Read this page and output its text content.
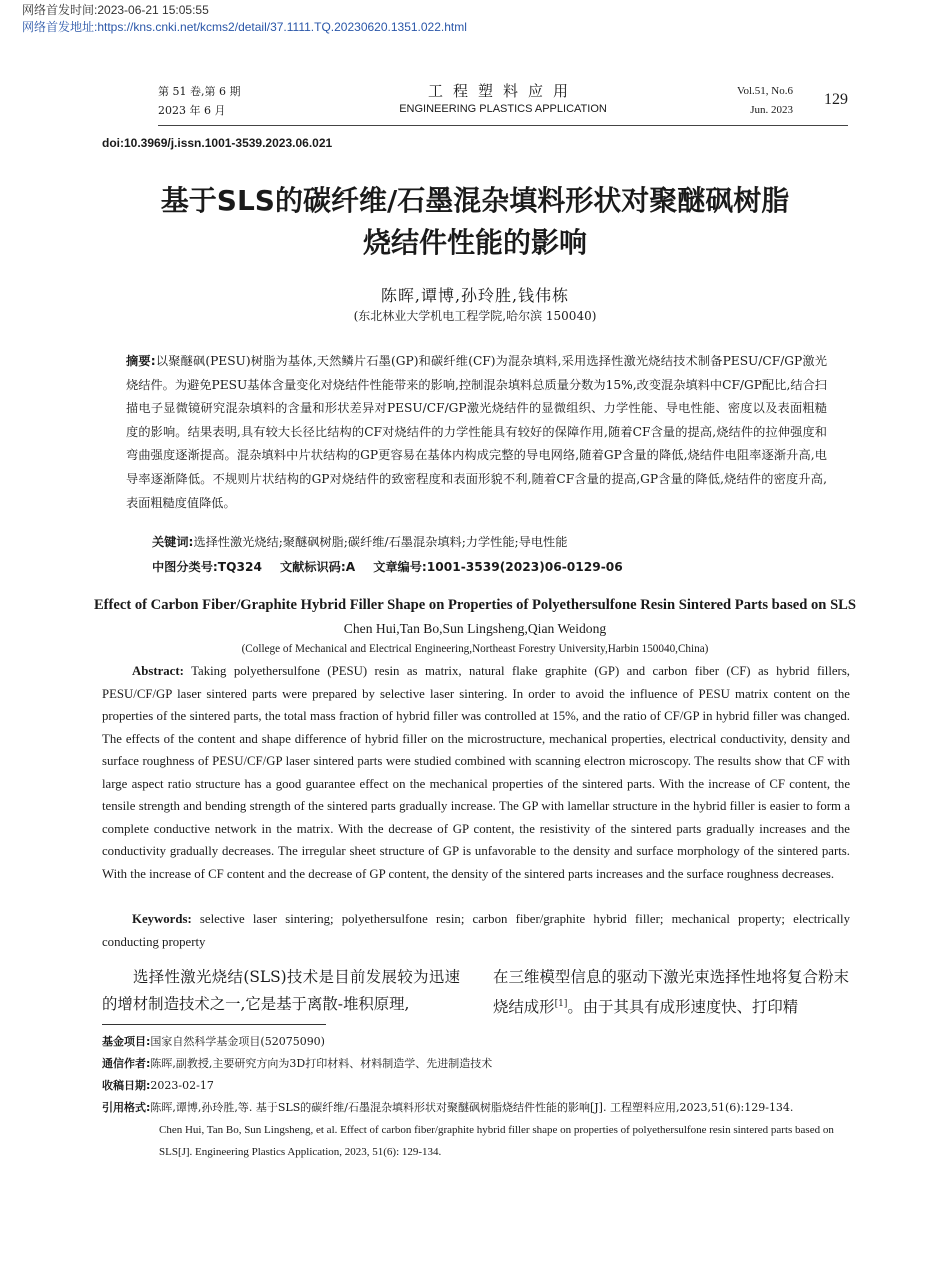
网络首发时间:2023-06-21 15:05:55
网络首发地址:https://kns.cnki.net/kcms2/detail/37.1111.TQ.20230620.1351.022.html
第 51 卷,第 6 期
2023 年 6 月
工程塑料应用
ENGINEERING PLASTICS APPLICATION
Vol.51, No.6
Jun. 2023
129
doi:10.3969/j.issn.1001-3539.2023.06.021
基于SLS的碳纤维/石墨混杂填料形状对聚醚砜树脂
烧结件性能的影响
陈晖,谭博,孙玲胜,钱伟栋
(东北林业大学机电工程学院,哈尔滨 150040)
摘要:以聚醚砜(PESU)树脂为基体,天然鳞片石墨(GP)和碳纤维(CF)为混杂填料,采用选择性激光烧结技术制备PESU/CF/GP激光烧结件。为避免PESU基体含量变化对烧结件性能带来的影响,控制混杂填料总质量分数为15%,改变混杂填料中CF/GP配比,结合扫描电子显微镜研究混杂填料的含量和形状差异对PESU/CF/GP激光烧结件的显微组织、力学性能、导电性能、密度以及表面粗糙度的影响。结果表明,具有较大长径比结构的CF对烧结件的力学性能具有较好的保障作用,随着CF含量的提高,烧结件的拉伸强度和弯曲强度逐渐提高。混杂填料中片状结构的GP更容易在基体内构成完整的导电网络,随着GP含量的降低,烧结件电阻率逐渐升高,电导率逐渐降低。不规则片状结构的GP对烧结件的致密程度和表面形貌不利,随着CF含量的提高,GP含量的降低,烧结件的密度升高,表面粗糙度值降低。
关键词:选择性激光烧结;聚醚砜树脂;碳纤维/石墨混杂填料;力学性能;导电性能
中图分类号:TQ324 文献标识码:A 文章编号:1001-3539(2023)06-0129-06
Effect of Carbon Fiber/Graphite Hybrid Filler Shape on Properties of Polyethersulfone Resin Sintered Parts based on SLS
Chen Hui,Tan Bo,Sun Lingsheng,Qian Weidong
(College of Mechanical and Electrical Engineering,Northeast Forestry University,Harbin 150040,China)
Abstract: Taking polyethersulfone (PESU) resin as matrix, natural flake graphite (GP) and carbon fiber (CF) as hybrid fillers, PESU/CF/GP laser sintered parts were prepared by selective laser sintering. In order to avoid the influence of PESU matrix content on the properties of the sintered parts, the total mass fraction of hybrid filler was controlled at 15%, and the ratio of CF/GP in hybrid filler was changed. The effects of the content and shape difference of hybrid filler on the microstructure, mechanical properties, electrical conductivity, density and surface roughness of PESU/CF/GP laser sintered parts were studied combined with scanning electron microscopy. The results show that CF with large aspect ratio structure has a good guarantee effect on the mechanical properties of the sintered parts. With the increase of CF content, the tensile strength and bending strength of the sintered parts gradually increase. The GP with lamellar structure in the hybrid filler is easier to form a complete conductive network in the matrix. With the decrease of GP content, the resistivity of the sintered parts gradually increases and the conductivity gradually decreases. The irregular sheet structure of GP is unfavorable to the density and surface morphology of the sintered parts. With the increase of CF content and the decrease of GP content, the density of the sintered parts increases and the surface roughness decreases.
Keywords: selective laser sintering; polyethersulfone resin; carbon fiber/graphite hybrid filler; mechanical property; electrically conducting property
选择性激光烧结(SLS)技术是目前发展较为迅速的增材制造技术之一,它是基于离散-堆积原理,
在三维模型信息的驱动下激光束选择性地将复合粉末烧结成形[1]。由于其具有成形速度快、打印精
基金项目: 国家自然科学基金项目(52075090)
通信作者: 陈晖,副教授,主要研究方向为3D打印材料、材料制造学、先进制造技术
收稿日期: 2023-02-17
引用格式: 陈晖,谭博,孙玲胜,等. 基于SLS的碳纤维/石墨混杂填料形状对聚醚砜树脂烧结件性能的影响[J]. 工程塑料应用,2023,51(6):129-134.
Chen Hui, Tan Bo, Sun Lingsheng, et al. Effect of carbon fiber/graphite hybrid filler shape on properties of polyethersulfone resin sintered parts based on SLS[J]. Engineering Plastics Application, 2023, 51(6): 129-134.
